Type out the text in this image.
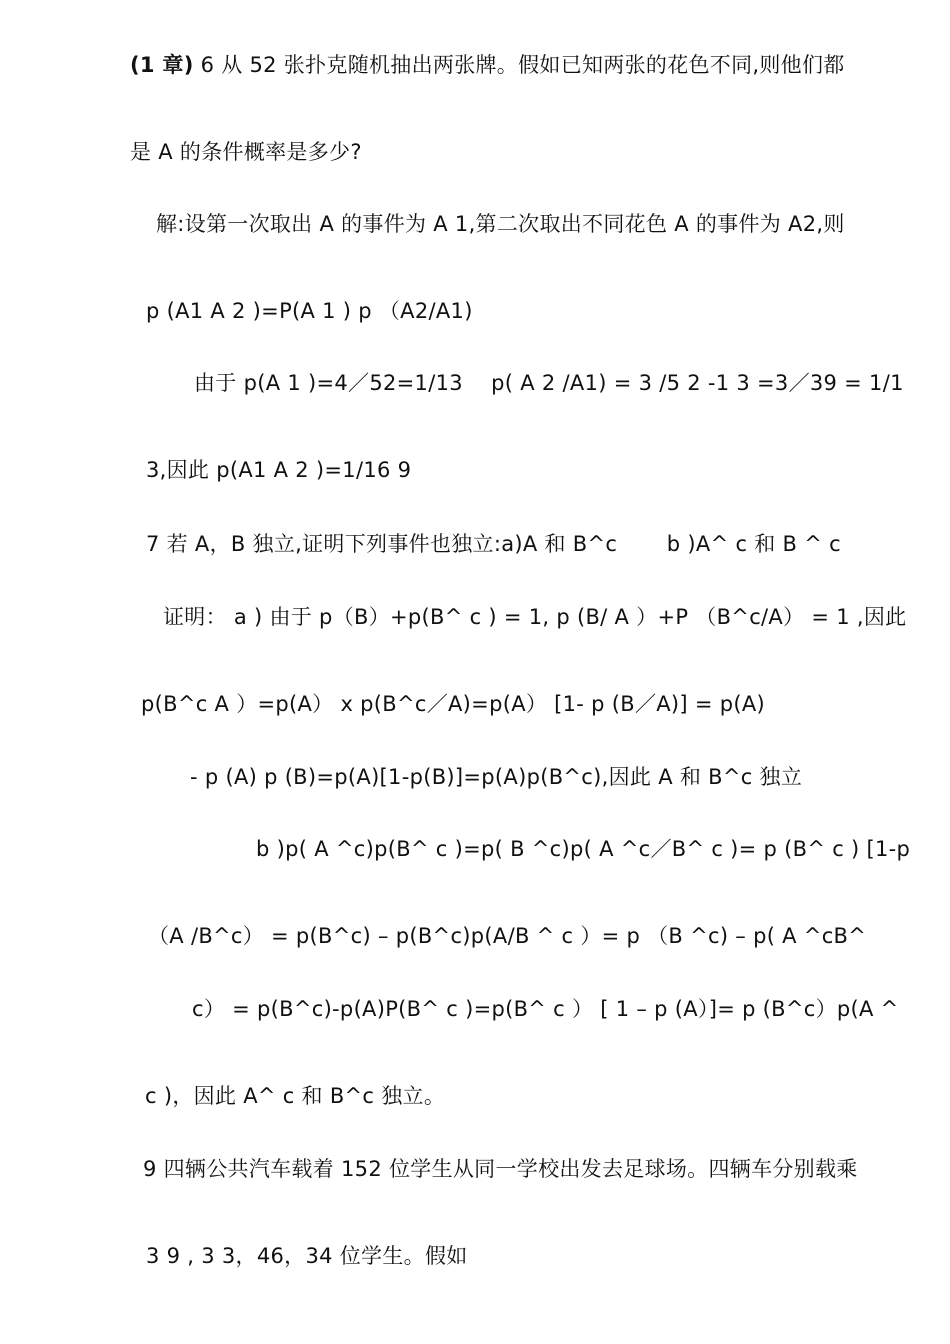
(1 章) 6 从 52 张扑克随机抽出两张牌。假如已知两张的花色不同,则他们都
是 A 的条件概率是多少?
解:设第一次取出 A 的事件为 A 1,第二次取出不同花色 A 的事件为 A2,则
p (A1 A 2 )=P(A 1 ) p （A2/A1)
由于 p(A 1 )=4／52=1/13　 p( A 2 /A1) = 3 /5 2 -1 3 =3／39 = 1/1
3,因此 p(A1 A 2 )=1/16 9
7 若 A，B 独立,证明下列事件也独立:a)A 和 B^c　　 b )A^ c 和 B ^ c
证明： a ) 由于 p（B）+p(B^ c ) = 1, p (B/ A ）+P （B^c/A） = 1 ,因此
p(B^c A ）=p(A） x p(B^c／A)=p(A） [1- p (B／A)] = p(A)
- p (A) p (B)=p(A)[1-p(B)]=p(A)p(B^c),因此 A 和 B^c 独立
b )p( A ^c)p(B^ c )=p( B ^c)p( A ^c／B^ c )= p (B^ c ) [1-p
（A /B^c） = p(B^c) – p(B^c)p(A/B ^ c ）= p （B ^c) – p( A ^cB^
c） = p(B^c)-p(A)P(B^ c )=p(B^ c ） [ 1 – p (A）]= p (B^c）p(A ^
c )，因此 A^ c 和 B^c 独立。
9 四辆公共汽车载着 152 位学生从同一学校出发去足球场。四辆车分别载乘
3 9 , 3 3，46，34 位学生。假如
